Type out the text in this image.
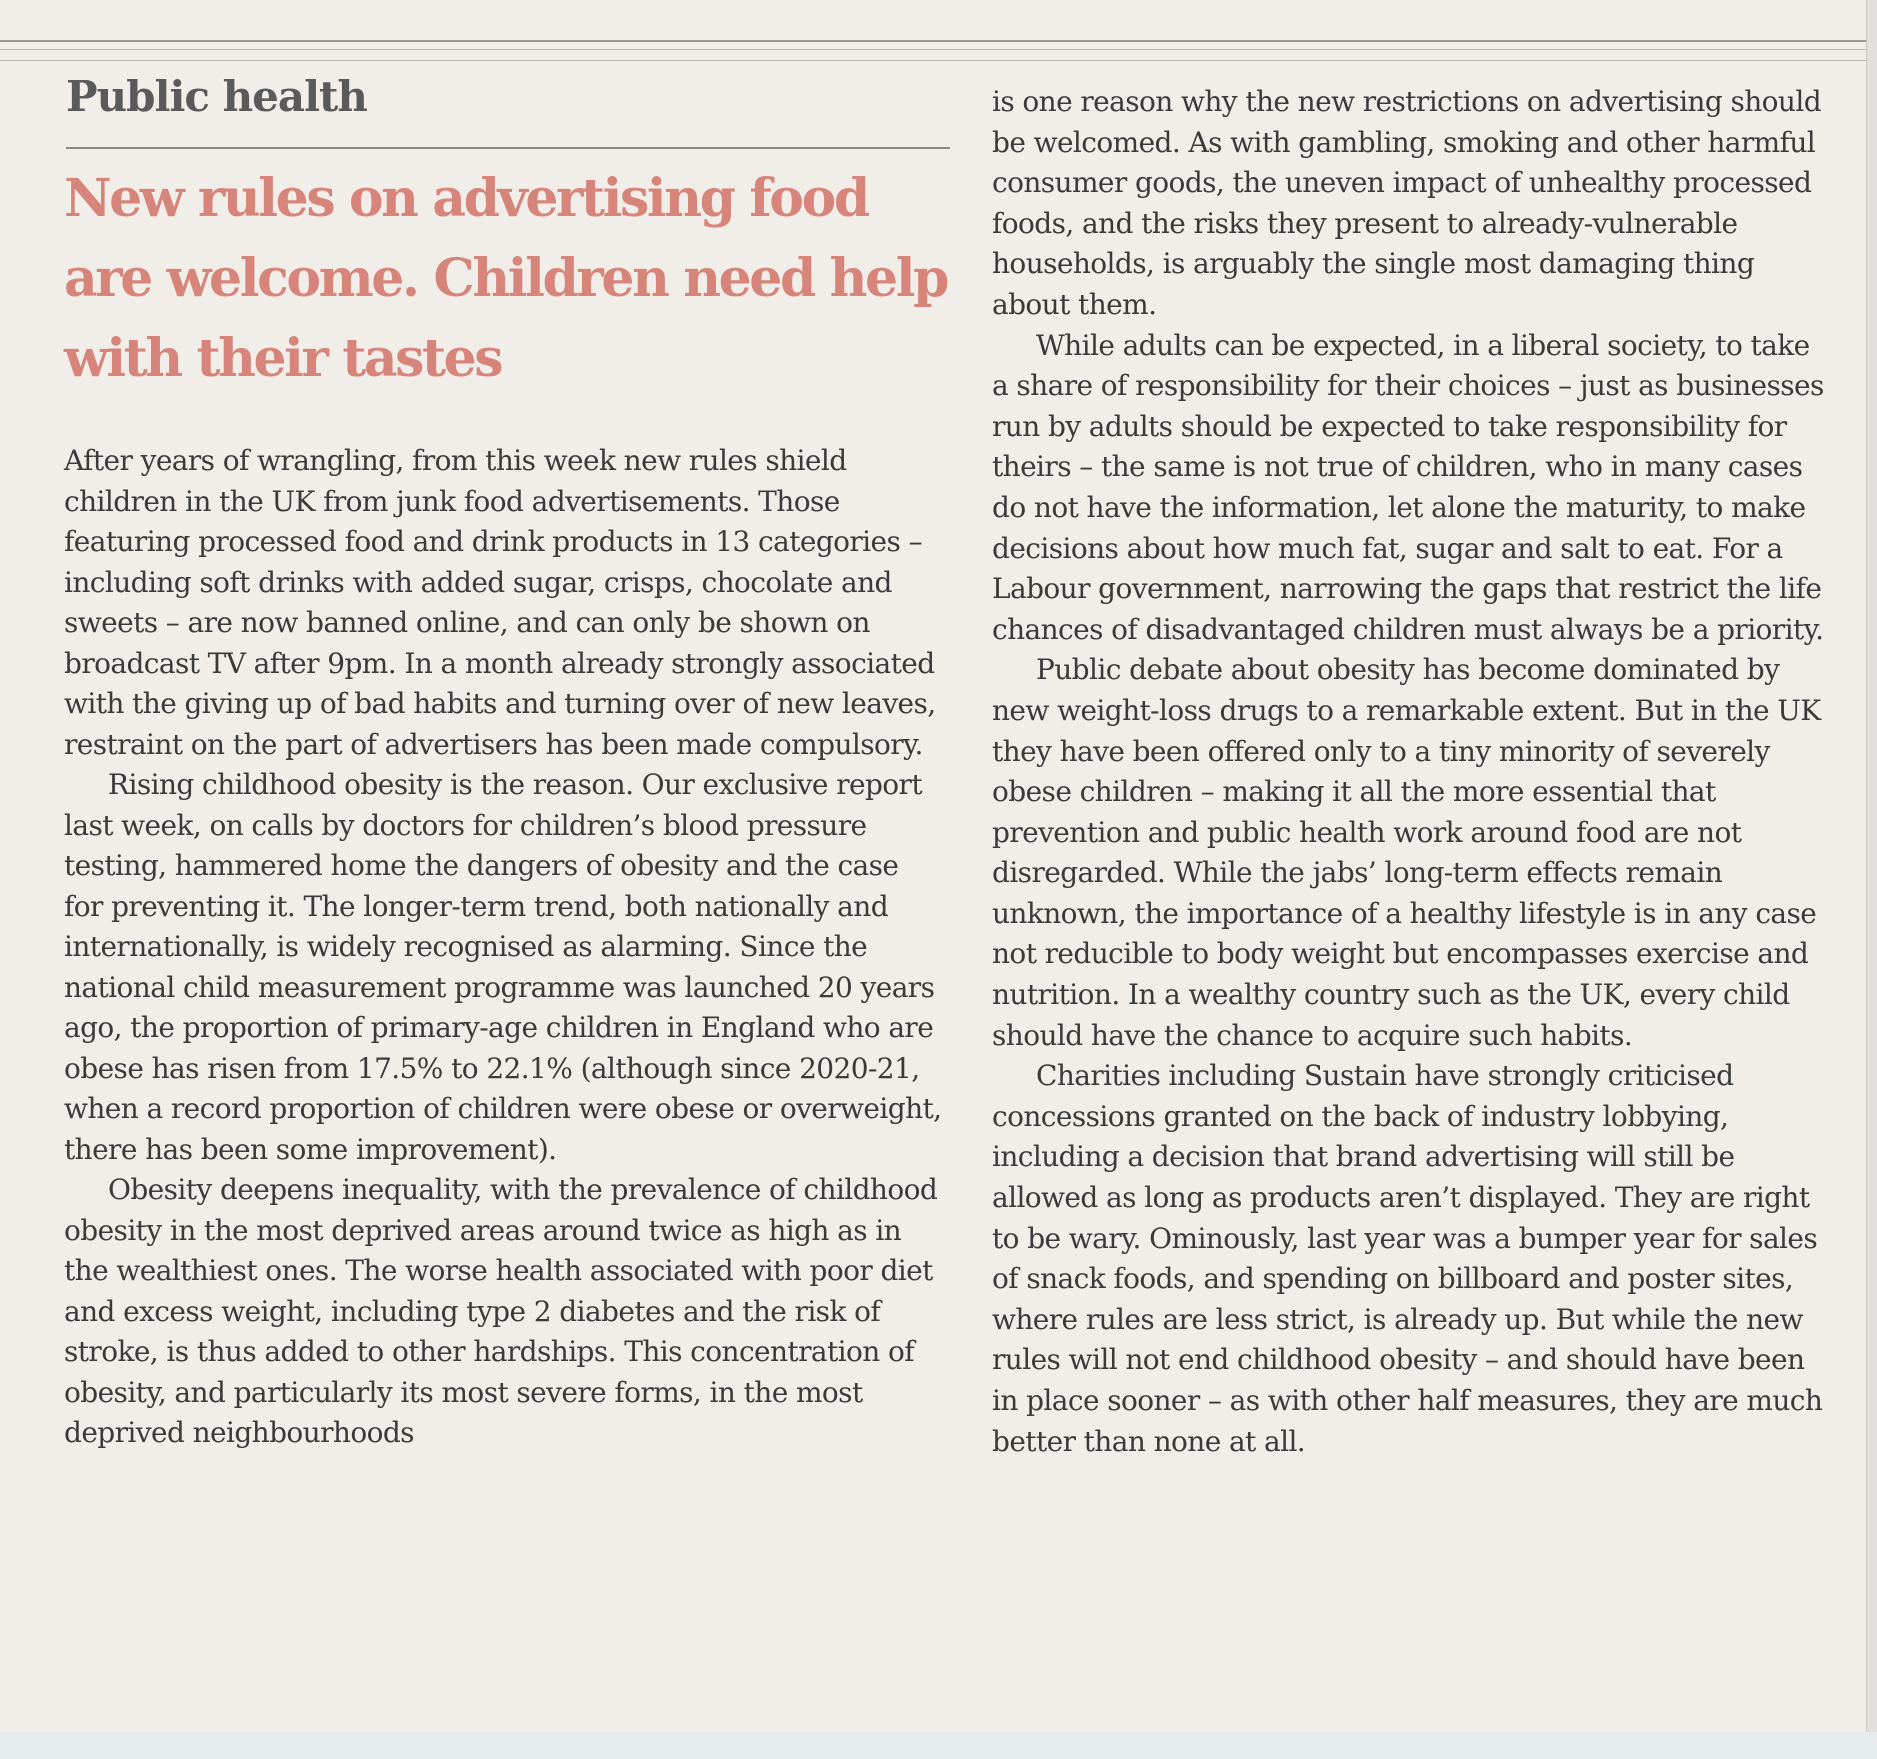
Public health
New rules on advertising food are welcome. Children need help with their tastes

After years of wrangling, from this week new rules shield children in the UK from junk food advertisements. Those featuring processed food and drink products in 13 categories – including soft drinks with added sugar, crisps, chocolate and sweets – are now banned online, and can only be shown on broadcast TV after 9pm. In a month already strongly associated with the giving up of bad habits and turning over of new leaves, restraint on the part of advertisers has been made compulsory.

Rising childhood obesity is the reason. Our exclusive report last week, on calls by doctors for children’s blood pressure testing, hammered home the dangers of obesity and the case for preventing it. The longer-term trend, both nationally and internationally, is widely recognised as alarming. Since the national child measurement programme was launched 20 years ago, the proportion of primary-age children in England who are obese has risen from 17.5% to 22.1% (although since 2020-21, when a record proportion of children were obese or overweight, there has been some improvement).

Obesity deepens inequality, with the prevalence of childhood obesity in the most deprived areas around twice as high as in the wealthiest ones. The worse health associated with poor diet and excess weight, including type 2 diabetes and the risk of stroke, is thus added to other hardships. This concentration of obesity, and particularly its most severe forms, in the most deprived neighbourhoods

is one reason why the new restrictions on advertising should be welcomed. As with gambling, smoking and other harmful consumer goods, the uneven impact of unhealthy processed foods, and the risks they present to already-vulnerable households, is arguably the single most damaging thing about them.

While adults can be expected, in a liberal society, to take a share of responsibility for their choices – just as businesses run by adults should be expected to take responsibility for theirs – the same is not true of children, who in many cases do not have the information, let alone the maturity, to make decisions about how much fat, sugar and salt to eat. For a Labour government, narrowing the gaps that restrict the life chances of disadvantaged children must always be a priority.

Public debate about obesity has become dominated by new weight-loss drugs to a remarkable extent. But in the UK they have been offered only to a tiny minority of severely obese children – making it all the more essential that prevention and public health work around food are not disregarded. While the jabs’ long-term effects remain unknown, the importance of a healthy lifestyle is in any case not reducible to body weight but encompasses exercise and nutrition. In a wealthy country such as the UK, every child should have the chance to acquire such habits.

Charities including Sustain have strongly criticised concessions granted on the back of industry lobbying, including a decision that brand advertising will still be allowed as long as products aren’t displayed. They are right to be wary. Ominously, last year was a bumper year for sales of snack foods, and spending on billboard and poster sites, where rules are less strict, is already up. But while the new rules will not end childhood obesity – and should have been in place sooner – as with other half measures, they are much better than none at all.
